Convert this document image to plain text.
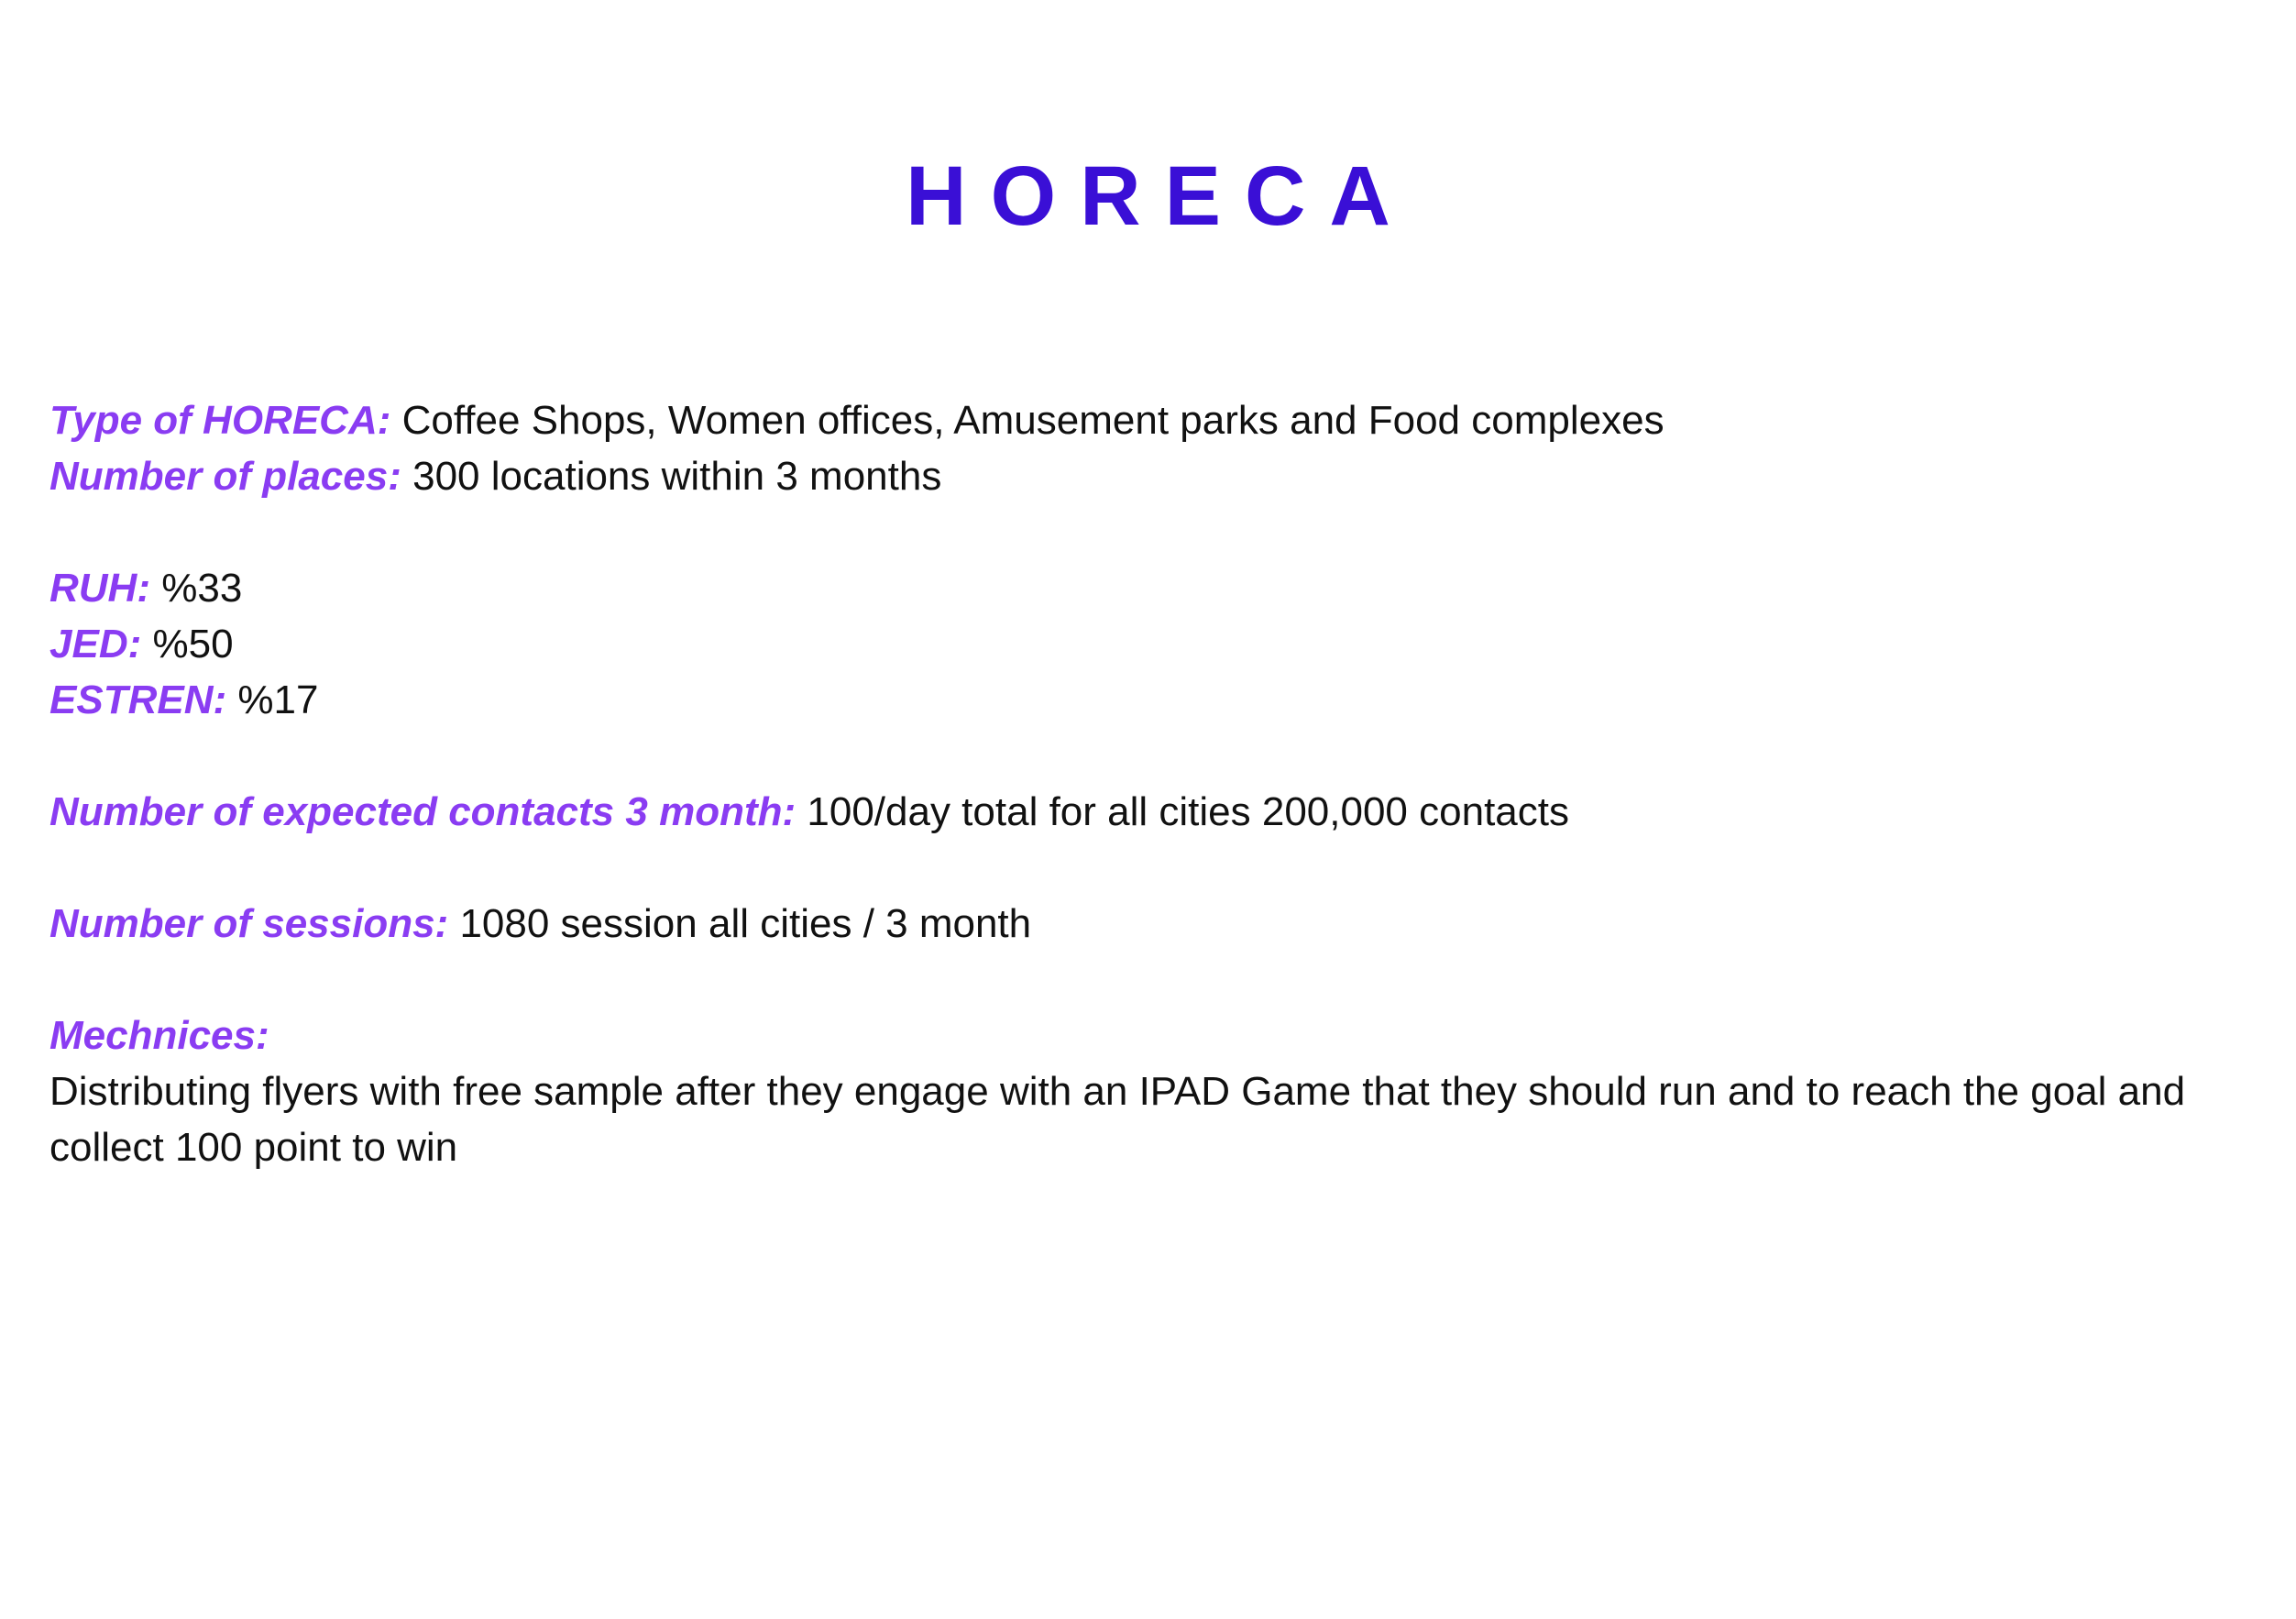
HORECA
Type of HORECA: Coffee Shops, Women offices, Amusement parks and Food complexes
Number of places: 300 locations within 3 months
RUH: %33
JED: %50
ESTREN: %17
Number of expected contacts 3 month: 100/day total for all cities 200,000 contacts
Number of sessions: 1080 session all cities / 3 month
Mechnices:
Distributing flyers with free sample after they engage with an IPAD Game that they should run and to reach the goal and collect 100 point to win
